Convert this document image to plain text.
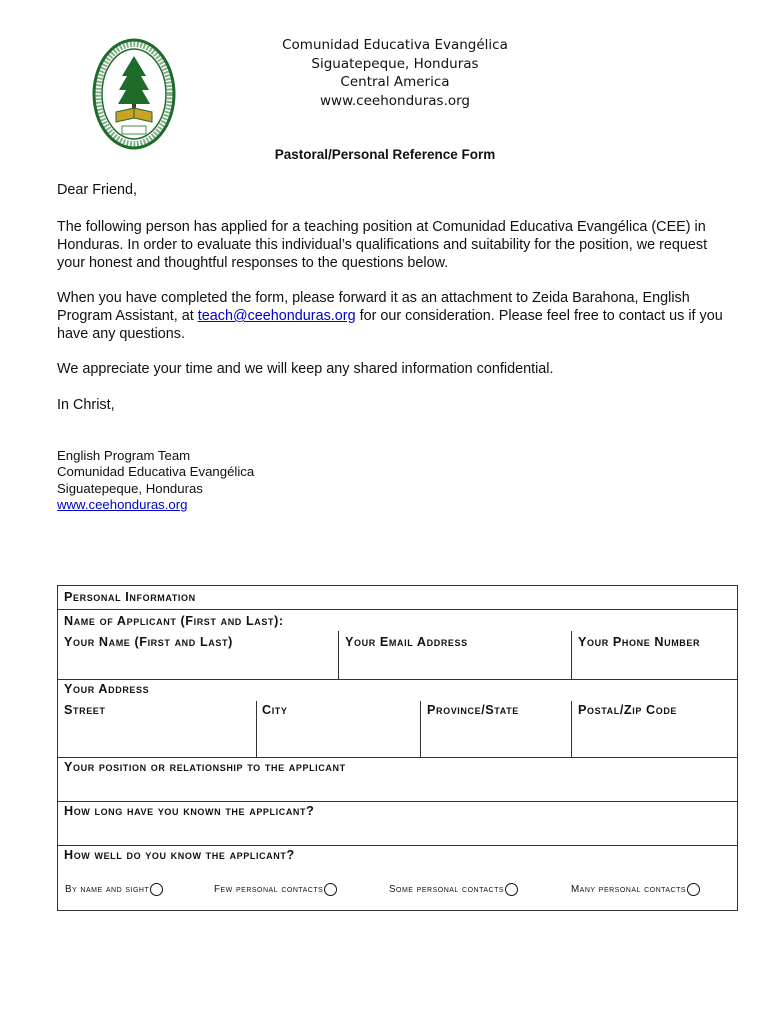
Comunidad Educativa Evangélica
Siguatepeque, Honduras
Central America
www.ceehonduras.org
Pastoral/Personal Reference Form
Dear Friend,
The following person has applied for a teaching position at Comunidad Educativa Evangélica (CEE) in Honduras. In order to evaluate this individual’s qualifications and suitability for the position, we request your honest and thoughtful responses to the questions below.
When you have completed the form, please forward it as an attachment to Zeida Barahona, English Program Assistant, at teach@ceehonduras.org for our consideration. Please feel free to contact us if you have any questions.
We appreciate your time and we will keep any shared information confidential.
In Christ,
English Program Team
Comunidad Educativa Evangélica
Siguatepeque, Honduras
www.ceehonduras.org
Personal Information
Name of Applicant (First and Last):
Your Name (First and Last)	Your Email Address	Your Phone Number
Your Address
Street	City	Province/State	Postal/Zip Code
Your position or relationship to the applicant
How long have you known the applicant?
How well do you know the applicant?
By name and sight	Few personal contacts	Some personal contacts	Many personal contacts
